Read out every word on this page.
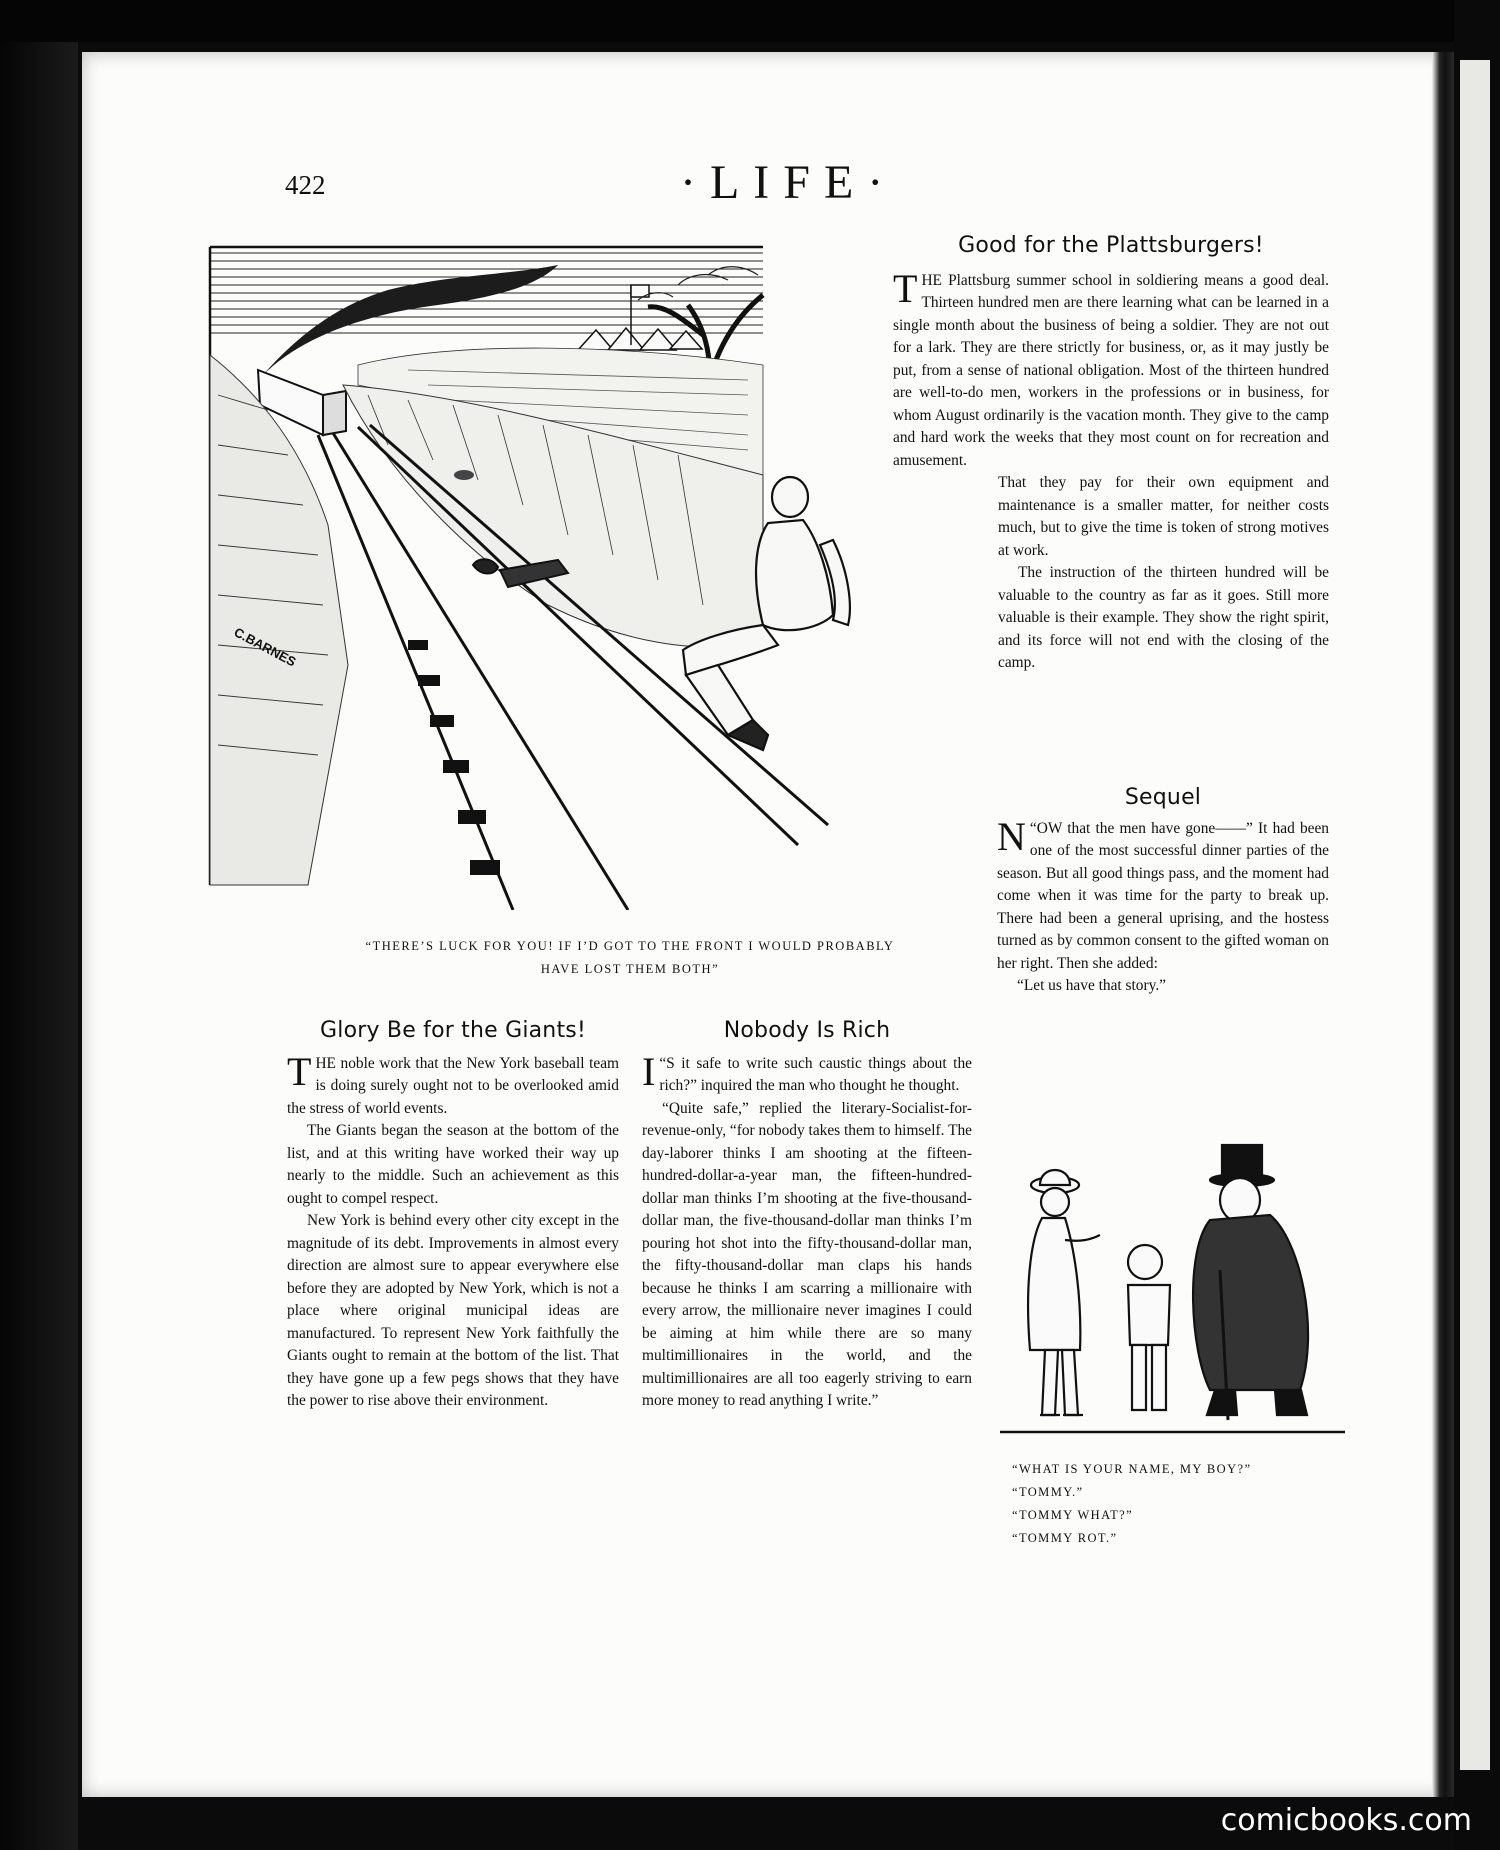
422	·LIFE·
C.BARNES
“THERE’S LUCK FOR YOU! IF I’D GOT TO THE FRONT I WOULD PROBABLY
HAVE LOST THEM BOTH”
Good for the Plattsburgers!

THE Plattsburg summer school in soldiering means a good deal. Thirteen hundred men are there learning what can be learned in a single month about the business of being a soldier. They are not out for a lark. They are there strictly for business, or, as it may justly be put, from a sense of national obligation. Most of the thirteen hundred are well-to-do men, workers in the professions or in business, for whom August ordinarily is the vacation month. They give to the camp and hard work the weeks that they most count on for recreation and amusement.

That they pay for their own equipment and maintenance is a smaller matter, for neither costs much, but to give the time is token of strong motives at work.

The instruction of the thirteen hundred will be valuable to the country as far as it goes. Still more valuable is their example. They show the right spirit, and its force will not end with the closing of the camp.

Sequel

“
N OW that the men have gone——” It had been one of the most successful dinner parties of the season. But all good things pass, and the moment had come when it was time for the party to break up. There had been a general uprising, and the hostess turned as by common consent to the gifted woman on her right. Then she added:

“Let us have that story.”

Glory Be for the Giants!

THE noble work that the New York baseball team is doing surely ought not to be overlooked amid the stress of world events.

The Giants began the season at the bottom of the list, and at this writing have worked their way up nearly to the middle. Such an achievement as this ought to compel respect.

New York is behind every other city except in the magnitude of its debt. Improvements in almost every direction are almost sure to appear everywhere else before they are adopted by New York, which is not a place where original municipal ideas are manufactured. To represent New York faithfully the Giants ought to remain at the bottom of the list. That they have gone up a few pegs shows that they have the power to rise above their environment.

Nobody Is Rich

“
I S it safe to write such caustic things about the rich?” inquired the man who thought he thought.

“Quite safe,” replied the literary-Socialist-for-revenue-only, “for nobody takes them to himself. The day-laborer thinks I am shooting at the fifteen-hundred-dollar-a-year man, the fifteen-hundred-dollar man thinks I’m shooting at the five-thousand-dollar man, the five-thousand-dollar man thinks I’m pouring hot shot into the fifty-thousand-dollar man, the fifty-thousand-dollar man claps his hands because he thinks I am scarring a millionaire with every arrow, the millionaire never imagines I could be aiming at him while there are so many multimillionaires in the world, and the multimillionaires are all too eagerly striving to earn more money to read anything I write.”

“WHAT IS YOUR NAME, MY BOY?”
“TOMMY.”
“TOMMY WHAT?”
“TOMMY ROT.”
comicbooks.com
